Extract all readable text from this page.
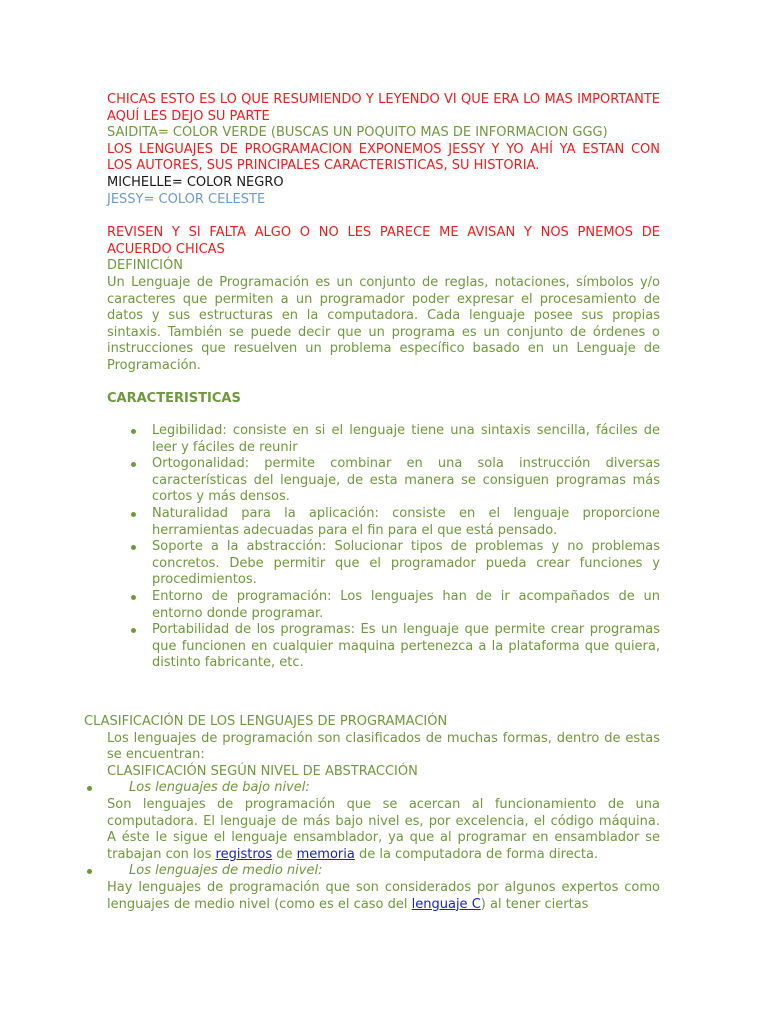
CHICAS ESTO ES LO QUE RESUMIENDO Y LEYENDO VI QUE ERA LO MAS IMPORTANTE AQUÍ LES DEJO SU PARTE

SAIDITA= COLOR VERDE (BUSCAS UN POQUITO MAS DE INFORMACION GGG)

LOS LENGUAJES DE PROGRAMACION EXPONEMOS JESSY Y YO AHÍ YA ESTAN CON LOS AUTORES, SUS PRINCIPALES CARACTERISTICAS, SU HISTORIA.

MICHELLE= COLOR NEGRO

JESSY= COLOR CELESTE

REVISEN Y SI FALTA ALGO O NO LES PARECE ME AVISAN Y NOS PNEMOS DE ACUERDO CHICAS

DEFINICIÓN

Un Lenguaje de Programación es un conjunto de reglas, notaciones, símbolos y/o caracteres que permiten a un programador poder expresar el procesamiento de datos y sus estructuras en la computadora. Cada lenguaje posee sus propias sintaxis. También se puede decir que un programa es un conjunto de órdenes o instrucciones que resuelven un problema específico basado en un Lenguaje de Programación.

CARACTERISTICAS

Legibilidad: consiste en si el lenguaje tiene una sintaxis sencilla, fáciles de leer y fáciles de reunir
Ortogonalidad: permite combinar en una sola instrucción diversas características del lenguaje, de esta manera se consiguen programas más cortos y más densos.
Naturalidad para la aplicación: consiste en el lenguaje proporcione herramientas adecuadas para el fin para el que está pensado.
Soporte a la abstracción: Solucionar tipos de problemas y no problemas concretos. Debe permitir que el programador pueda crear funciones y procedimientos.
Entorno de programación: Los lenguajes han de ir acompañados de un entorno donde programar.
Portabilidad de los programas: Es un lenguaje que permite crear programas que funcionen en cualquier maquina pertenezca a la plataforma que quiera, distinto fabricante, etc.

CLASIFICACIÓN DE LOS LENGUAJES DE PROGRAMACIÓN

Los lenguajes de programación son clasificados de muchas formas, dentro de estas se encuentran:

CLASIFICACIÓN SEGÚN NIVEL DE ABSTRACCIÓN

Los lenguajes de bajo nivel:

Son lenguajes de programación que se acercan al funcionamiento de una computadora. El lenguaje de más bajo nivel es, por excelencia, el código máquina. A éste le sigue el lenguaje ensamblador, ya que al programar en ensamblador se trabajan con los registros de memoria de la computadora de forma directa.

Los lenguajes de medio nivel:

Hay lenguajes de programación que son considerados por algunos expertos como lenguajes de medio nivel (como es el caso del lenguaje C) al tener ciertas
